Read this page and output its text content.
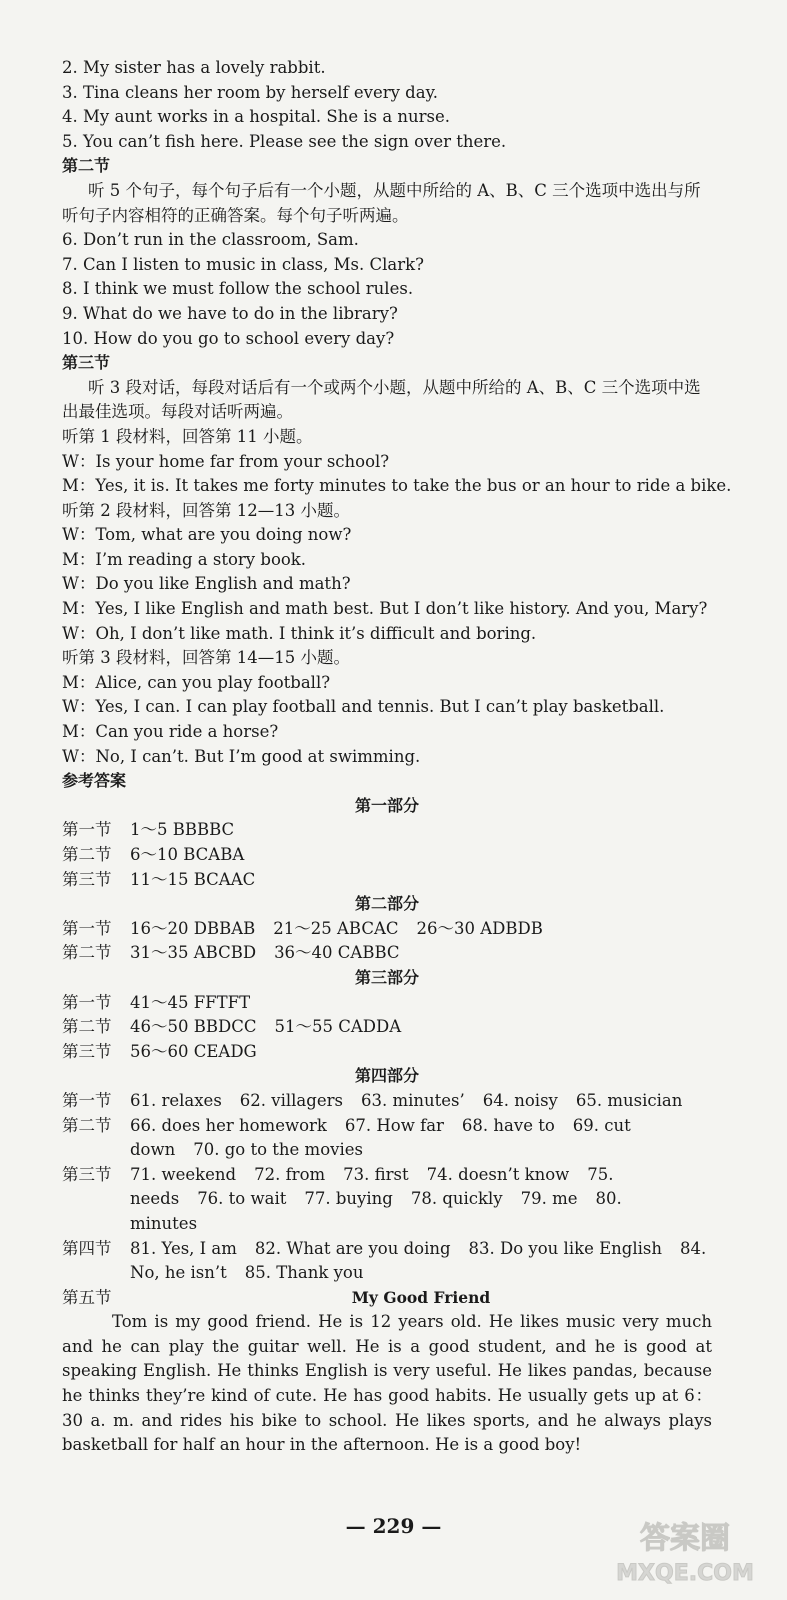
2. My sister has a lovely rabbit.
3. Tina cleans her room by herself every day.
4. My aunt works in a hospital. She is a nurse.
5. You can’t fish here. Please see the sign over there.
第二节
听 5 个句子，每个句子后有一个小题，从题中所给的 A、B、C 三个选项中选出与所听句子内容相符的正确答案。每个句子听两遍。
6. Don’t run in the classroom, Sam.
7. Can I listen to music in class, Ms. Clark?
8. I think we must follow the school rules.
9. What do we have to do in the library?
10. How do you go to school every day?
第三节
听 3 段对话，每段对话后有一个或两个小题，从题中所给的 A、B、C 三个选项中选出最佳选项。每段对话听两遍。
听第 1 段材料，回答第 11 小题。
W：Is your home far from your school?
M：Yes, it is. It takes me forty minutes to take the bus or an hour to ride a bike.
听第 2 段材料，回答第 12—13 小题。
W：Tom, what are you doing now?
M：I’m reading a story book.
W：Do you like English and math?
M：Yes, I like English and math best. But I don’t like history. And you, Mary?
W：Oh, I don’t like math. I think it’s difficult and boring.
听第 3 段材料，回答第 14—15 小题。
M：Alice, can you play football?
W：Yes, I can. I can play football and tennis. But I can’t play basketball.
M：Can you ride a horse?
W：No, I can’t. But I’m good at swimming.
参考答案
第一部分
第一节	1～5 BBBBC
第二节	6～10 BCABA
第三节	11～15 BCAAC
第二部分
第一节	16～20 DBBAB 21～25 ABCAC 26～30 ADBDB
第二节	31～35 ABCBD 36～40 CABBC
第三部分
第一节	41～45 FFTFT
第二节	46～50 BBDCC 51～55 CADDA
第三节	56～60 CEADG
第四部分
第一节	61. relaxes 62. villagers 63. minutes’ 64. noisy 65. musician
第二节	66. does her homework 67. How far 68. have to 69. cut down 70. go to the movies
第三节	71. weekend 72. from 73. first 74. doesn’t know 75. needs 76. to wait 77. buying 78. quickly 79. me 80. minutes
第四节	81. Yes, I am 82. What are you doing 83. Do you like English 84. No, he isn’t 85. Thank you
第五节	My Good Friend
Tom is my good friend. He is 12 years old. He likes music very much and he can play the guitar well. He is a good student, and he is good at speaking English. He thinks English is very useful. He likes pandas, because he thinks they’re kind of cute. He has good habits. He usually gets up at 6：30 a. m. and rides his bike to school. He likes sports, and he always plays basketball for half an hour in the afternoon. He is a good boy!
— 229 —	答案圈
MXQE.COM
